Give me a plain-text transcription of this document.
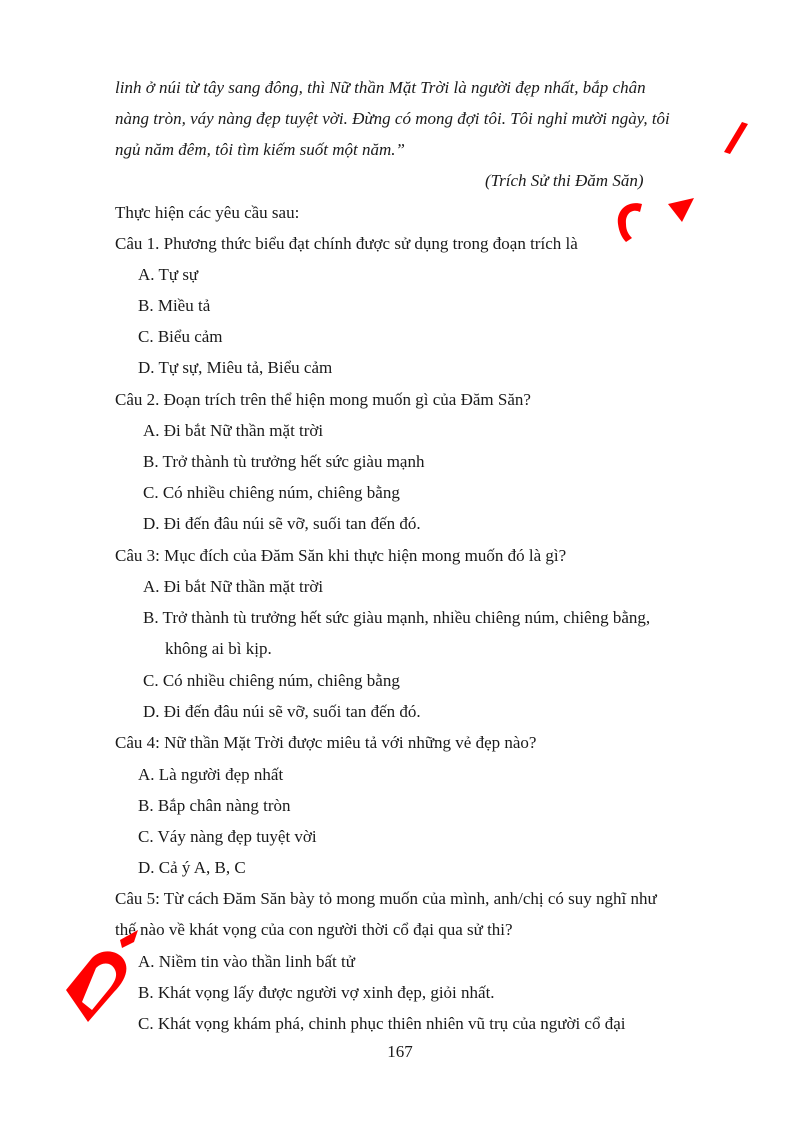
linh ở núi từ tây sang đông, thì Nữ thần Mặt Trời là người đẹp nhất, bắp chân
nàng tròn, váy nàng đẹp tuyệt vời. Đừng có mong đợi tôi. Tôi nghỉ mười ngày, tôi
ngủ năm đêm, tôi tìm kiếm suốt một năm.”
(Trích Sử thi Đăm Săn)
Thực hiện các yêu cầu sau:
Câu 1. Phương thức biểu đạt chính được sử dụng trong đoạn trích là
A. Tự sự
B. Miều tả
C. Biểu cảm
D. Tự sự, Miêu tả, Biểu cảm
Câu 2. Đoạn trích trên thể hiện mong muốn gì của Đăm Săn?
A. Đi bắt Nữ thần mặt trời
B. Trở thành tù trưởng hết sức giàu mạnh
C. Có nhiều chiêng núm, chiêng bằng
D. Đi đến đâu núi sẽ vỡ, suối tan đến đó.
Câu 3: Mục đích của Đăm Săn khi thực hiện mong muốn đó là gì?
A. Đi bắt Nữ thần mặt trời
B. Trở thành tù trưởng hết sức giàu mạnh, nhiều chiêng núm, chiêng bằng,
không ai bì kịp.
C. Có nhiều chiêng núm, chiêng bằng
D. Đi đến đâu núi sẽ vỡ, suối tan đến đó.
Câu 4: Nữ thần Mặt Trời được miêu tả với những vẻ đẹp nào?
A. Là người đẹp nhất
B. Bắp chân nàng tròn
C. Váy nàng đẹp tuyệt vời
D. Cả ý A, B, C
Câu 5: Từ cách Đăm Săn bày tỏ mong muốn của mình, anh/chị có suy nghĩ như
thế nào về khát vọng của con người thời cổ đại qua sử thi?
A. Niềm tin vào thần linh bất tử
B. Khát vọng lấy được người vợ xinh đẹp, giỏi nhất.
C. Khát vọng khám phá, chinh phục thiên nhiên vũ trụ của người cổ đại
167
